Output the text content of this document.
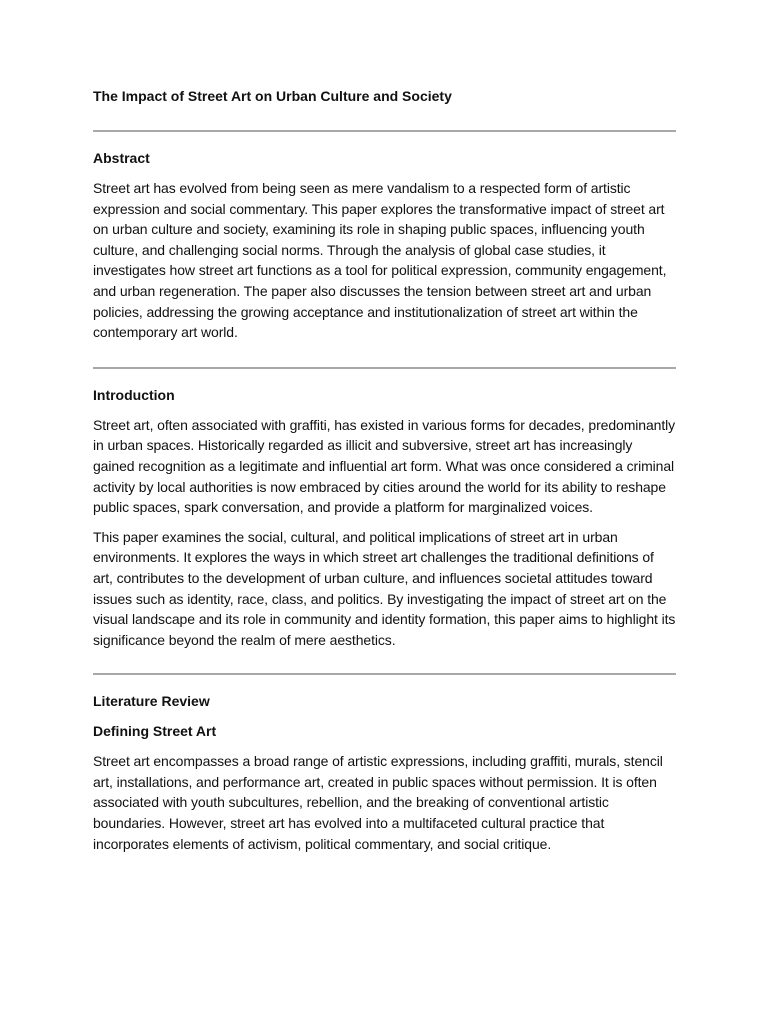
The Impact of Street Art on Urban Culture and Society
Abstract

Street art has evolved from being seen as mere vandalism to a respected form of artistic expression and social commentary. This paper explores the transformative impact of street art on urban culture and society, examining its role in shaping public spaces, influencing youth culture, and challenging social norms. Through the analysis of global case studies, it investigates how street art functions as a tool for political expression, community engagement, and urban regeneration. The paper also discusses the tension between street art and urban policies, addressing the growing acceptance and institutionalization of street art within the contemporary art world.

Introduction

Street art, often associated with graffiti, has existed in various forms for decades, predominantly in urban spaces. Historically regarded as illicit and subversive, street art has increasingly gained recognition as a legitimate and influential art form. What was once considered a criminal activity by local authorities is now embraced by cities around the world for its ability to reshape public spaces, spark conversation, and provide a platform for marginalized voices.

This paper examines the social, cultural, and political implications of street art in urban environments. It explores the ways in which street art challenges the traditional definitions of art, contributes to the development of urban culture, and influences societal attitudes toward issues such as identity, race, class, and politics. By investigating the impact of street art on the visual landscape and its role in community and identity formation, this paper aims to highlight its significance beyond the realm of mere aesthetics.

Literature Review
Defining Street Art

Street art encompasses a broad range of artistic expressions, including graffiti, murals, stencil art, installations, and performance art, created in public spaces without permission. It is often associated with youth subcultures, rebellion, and the breaking of conventional artistic boundaries. However, street art has evolved into a multifaceted cultural practice that incorporates elements of activism, political commentary, and social critique.
